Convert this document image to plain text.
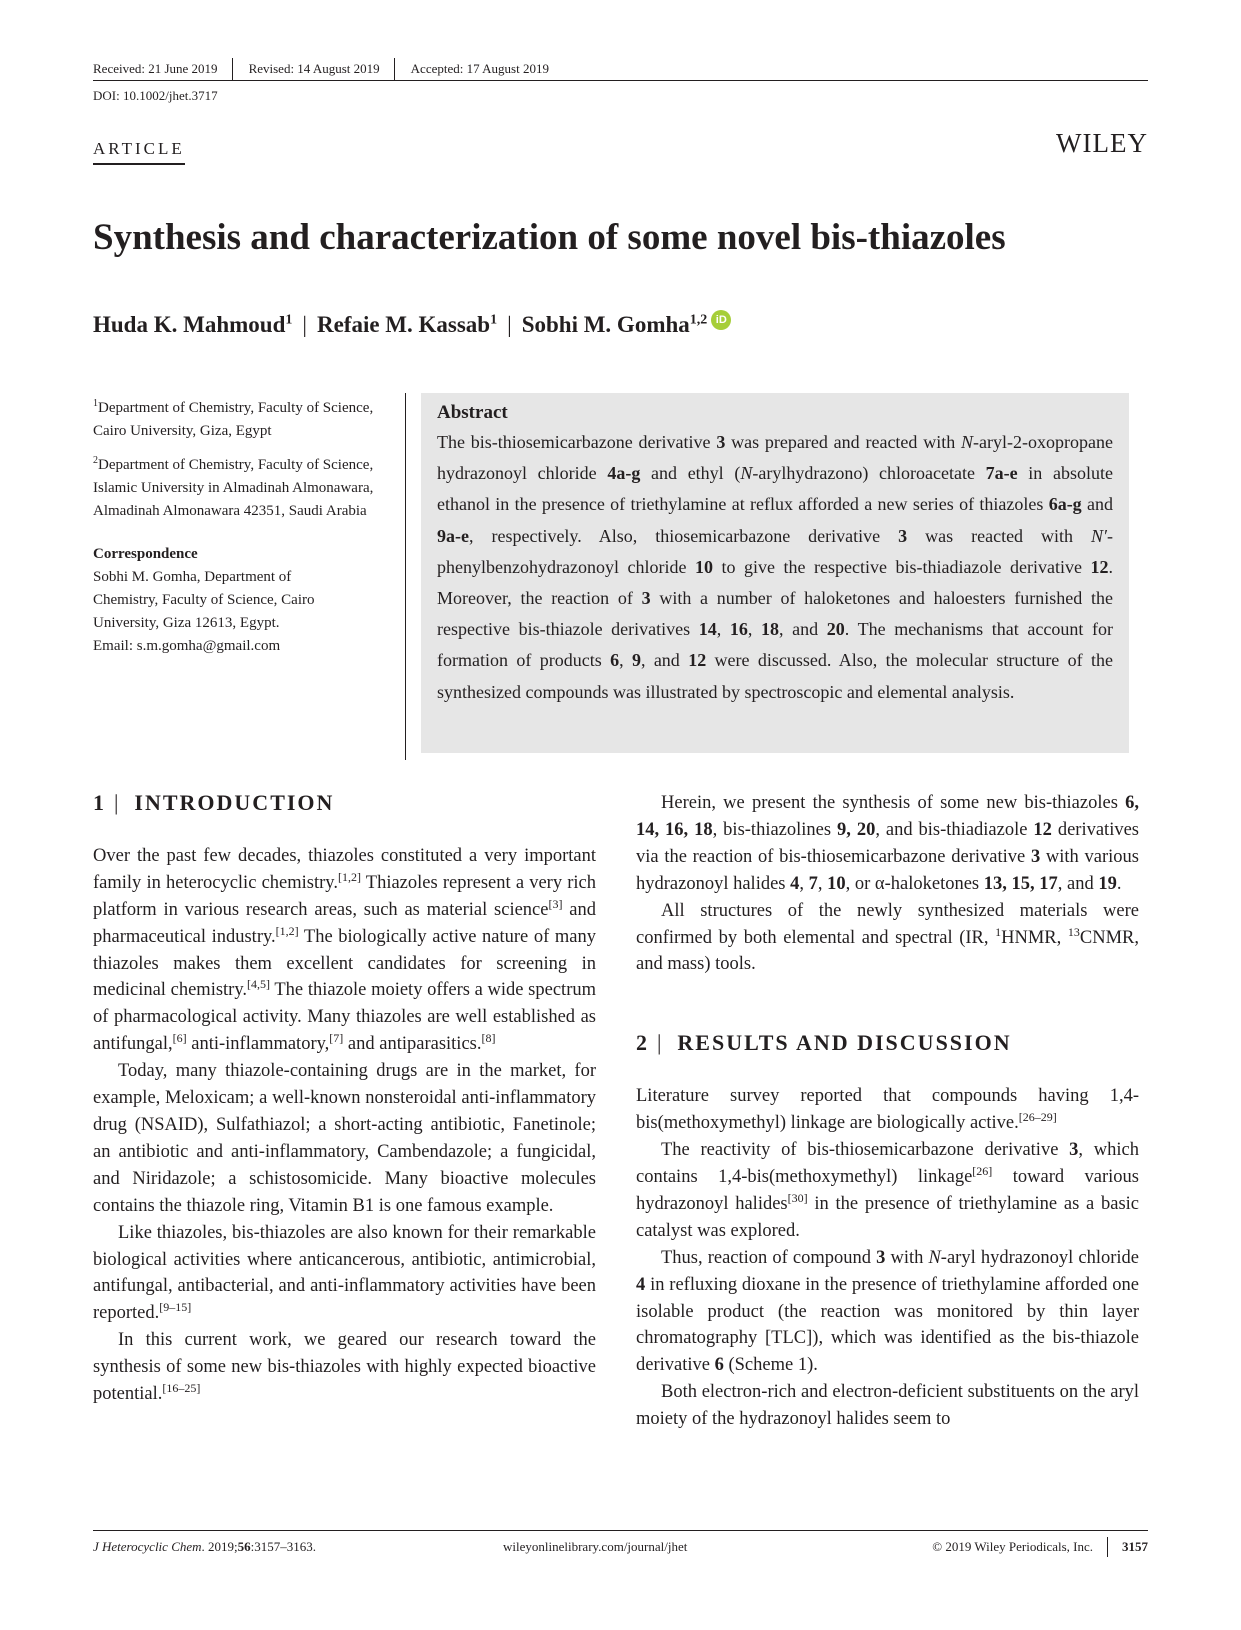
Received: 21 June 2019	Revised: 14 August 2019	Accepted: 17 August 2019
DOI: 10.1002/jhet.3717
ARTICLE	WILEY
Synthesis and characterization of some novel bis-thiazoles
Huda K. Mahmoud$^1$ | Refaie M. Kassab$^1$ | Sobhi M. Gomha$^{1,2}$ iD

$^1$Department of Chemistry, Faculty of Science, Cairo University, Giza, Egypt

$^2$Department of Chemistry, Faculty of Science, Islamic University in Almadinah Almonawara, Almadinah Almonawara 42351, Saudi Arabia

Correspondence

Sobhi M. Gomha, Department of
Chemistry, Faculty of Science, Cairo
University, Giza 12613, Egypt.
Email: s.m.gomha@gmail.com
Abstract

The bis-thiosemicarbazone derivative 3 was prepared and reacted with N-aryl-2-oxopropane hydrazonoyl chloride 4a-g and ethyl (N-arylhydrazono) chloroacetate 7a-e in absolute ethanol in the presence of triethylamine at reflux afforded a new series of thiazoles 6a-g and 9a-e, respectively. Also, thiosemicarbazone derivative 3 was reacted with N′-phenylbenzohydrazonoyl chloride 10 to give the respective bis-thiadiazole derivative 12. Moreover, the reaction of 3 with a number of haloketones and haloesters furnished the respective bis-thiazole derivatives 14, 16, 18, and 20. The mechanisms that account for formation of products 6, 9, and 12 were discussed. Also, the molecular structure of the synthesized compounds was illustrated by spectroscopic and elemental analysis.

1 | INTRODUCTION

Over the past few decades, thiazoles constituted a very important family in heterocyclic chemistry.[1,2] Thiazoles represent a very rich platform in various research areas, such as material science[3] and pharmaceutical industry.[1,2] The biologically active nature of many thiazoles makes them excellent candidates for screening in medicinal chemistry.[4,5] The thiazole moiety offers a wide spectrum of pharmacological activity. Many thiazoles are well established as antifungal,[6] anti-inflammatory,[7] and antiparasitics.[8]

Today, many thiazole-containing drugs are in the market, for example, Meloxicam; a well-known nonsteroidal anti-inflammatory drug (NSAID), Sulfathiazol; a short-acting antibiotic, Fanetinole; an antibiotic and anti-inflammatory, Cambendazole; a fungicidal, and Niridazole; a schistosomicide. Many bioactive molecules contains the thiazole ring, Vitamin B1 is one famous example.

Like thiazoles, bis-thiazoles are also known for their remarkable biological activities where anticancerous, antibiotic, antimicrobial, antifungal, antibacterial, and anti-inflammatory activities have been reported.[9–15]

In this current work, we geared our research toward the synthesis of some new bis-thiazoles with highly expected bioactive potential.[16–25]

Herein, we present the synthesis of some new bis-thiazoles 6, 14, 16, 18, bis-thiazolines 9, 20, and bis-thiadiazole 12 derivatives via the reaction of bis-thiosemicarbazone derivative 3 with various hydrazonoyl halides 4, 7, 10, or α-haloketones 13, 15, 17, and 19.

All structures of the newly synthesized materials were confirmed by both elemental and spectral (IR, $^1$HNMR, $^{13}$CNMR, and mass) tools.

2 | RESULTS AND DISCUSSION

Literature survey reported that compounds having 1,4-bis(methoxymethyl) linkage are biologically active.[26–29]

The reactivity of bis-thiosemicarbazone derivative 3, which contains 1,4-bis(methoxymethyl) linkage[26] toward various hydrazonoyl halides[30] in the presence of triethylamine as a basic catalyst was explored.

Thus, reaction of compound 3 with N-aryl hydrazonoyl chloride 4 in refluxing dioxane in the presence of triethylamine afforded one isolable product (the reaction was monitored by thin layer chromatography [TLC]), which was identified as the bis-thiazole derivative 6 (Scheme 1).

Both electron-rich and electron-deficient substituents on the aryl moiety of the hydrazonoyl halides seem to

J Heterocyclic Chem. 2019;56:3157–3163.	wileyonlinelibrary.com/journal/jhet	© 2019 Wiley Periodicals, Inc.	3157
